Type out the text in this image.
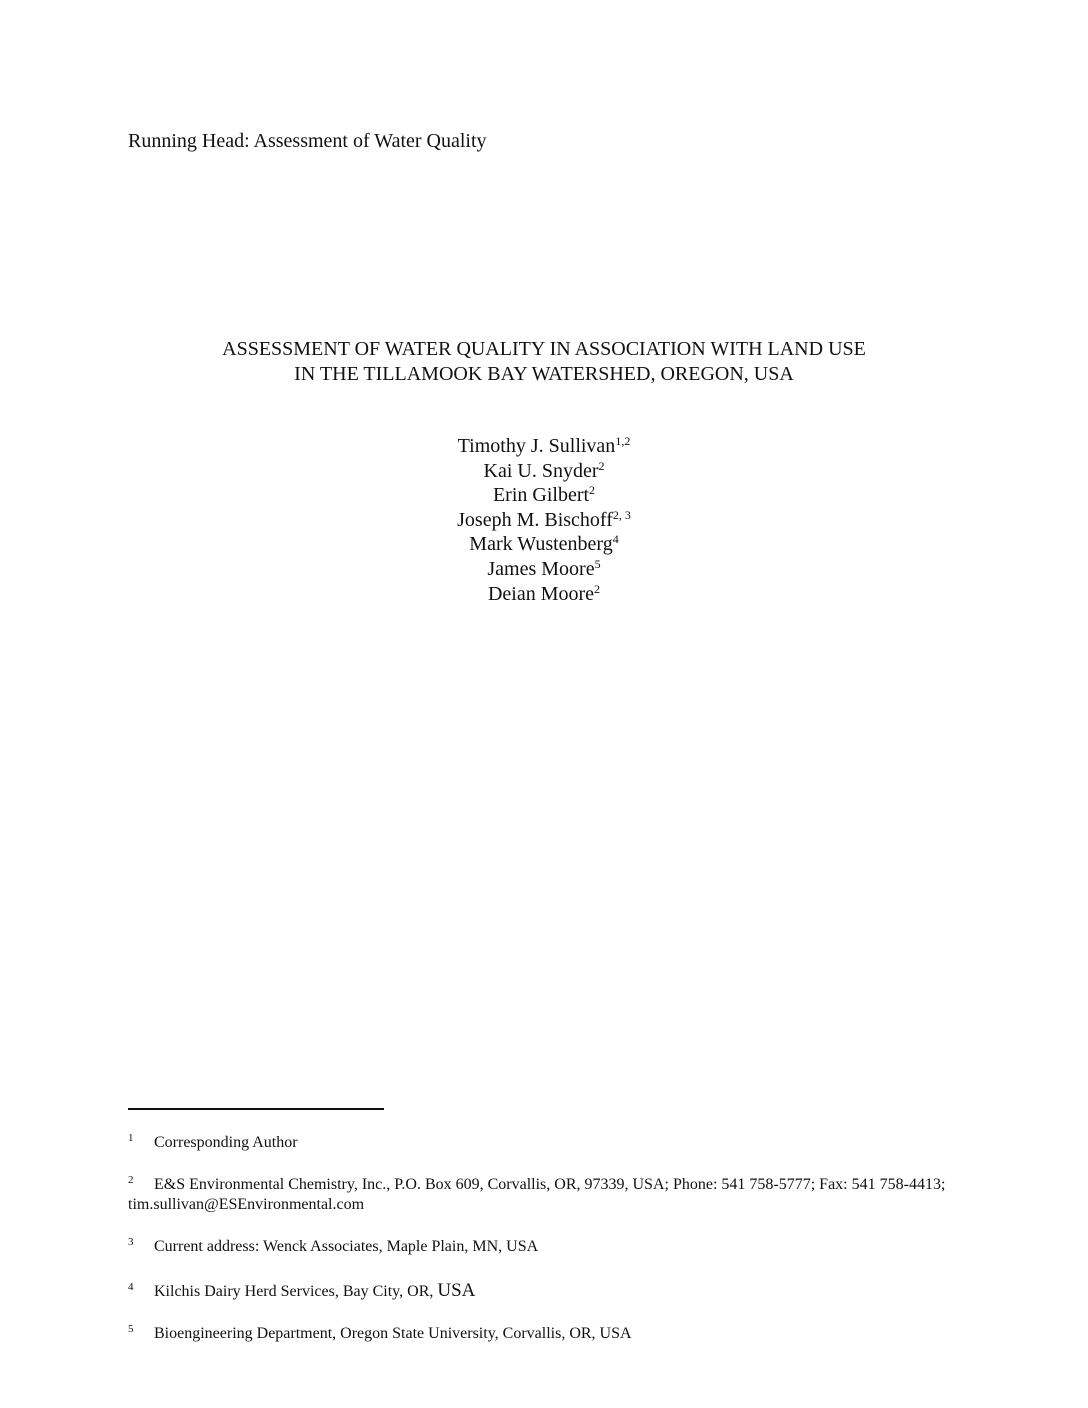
Running Head: Assessment of Water Quality
ASSESSMENT OF WATER QUALITY IN ASSOCIATION WITH LAND USE
IN THE TILLAMOOK BAY WATERSHED, OREGON, USA
Timothy J. Sullivan$^{1,2}$
Kai U. Snyder$^2$
Erin Gilbert$^2$
Joseph M. Bischoff$^{2, 3}$
Mark Wustenberg$^4$
James Moore$^5$
Deian Moore$^2$
1 Corresponding Author
2 E&S Environmental Chemistry, Inc., P.O. Box 609, Corvallis, OR, 97339, USA; Phone: 541 758-5777; Fax: 541 758-4413; tim.sullivan@ESEnvironmental.com
3 Current address: Wenck Associates, Maple Plain, MN, USA
4 Kilchis Dairy Herd Services, Bay City, OR, USA
5 Bioengineering Department, Oregon State University, Corvallis, OR, USA
